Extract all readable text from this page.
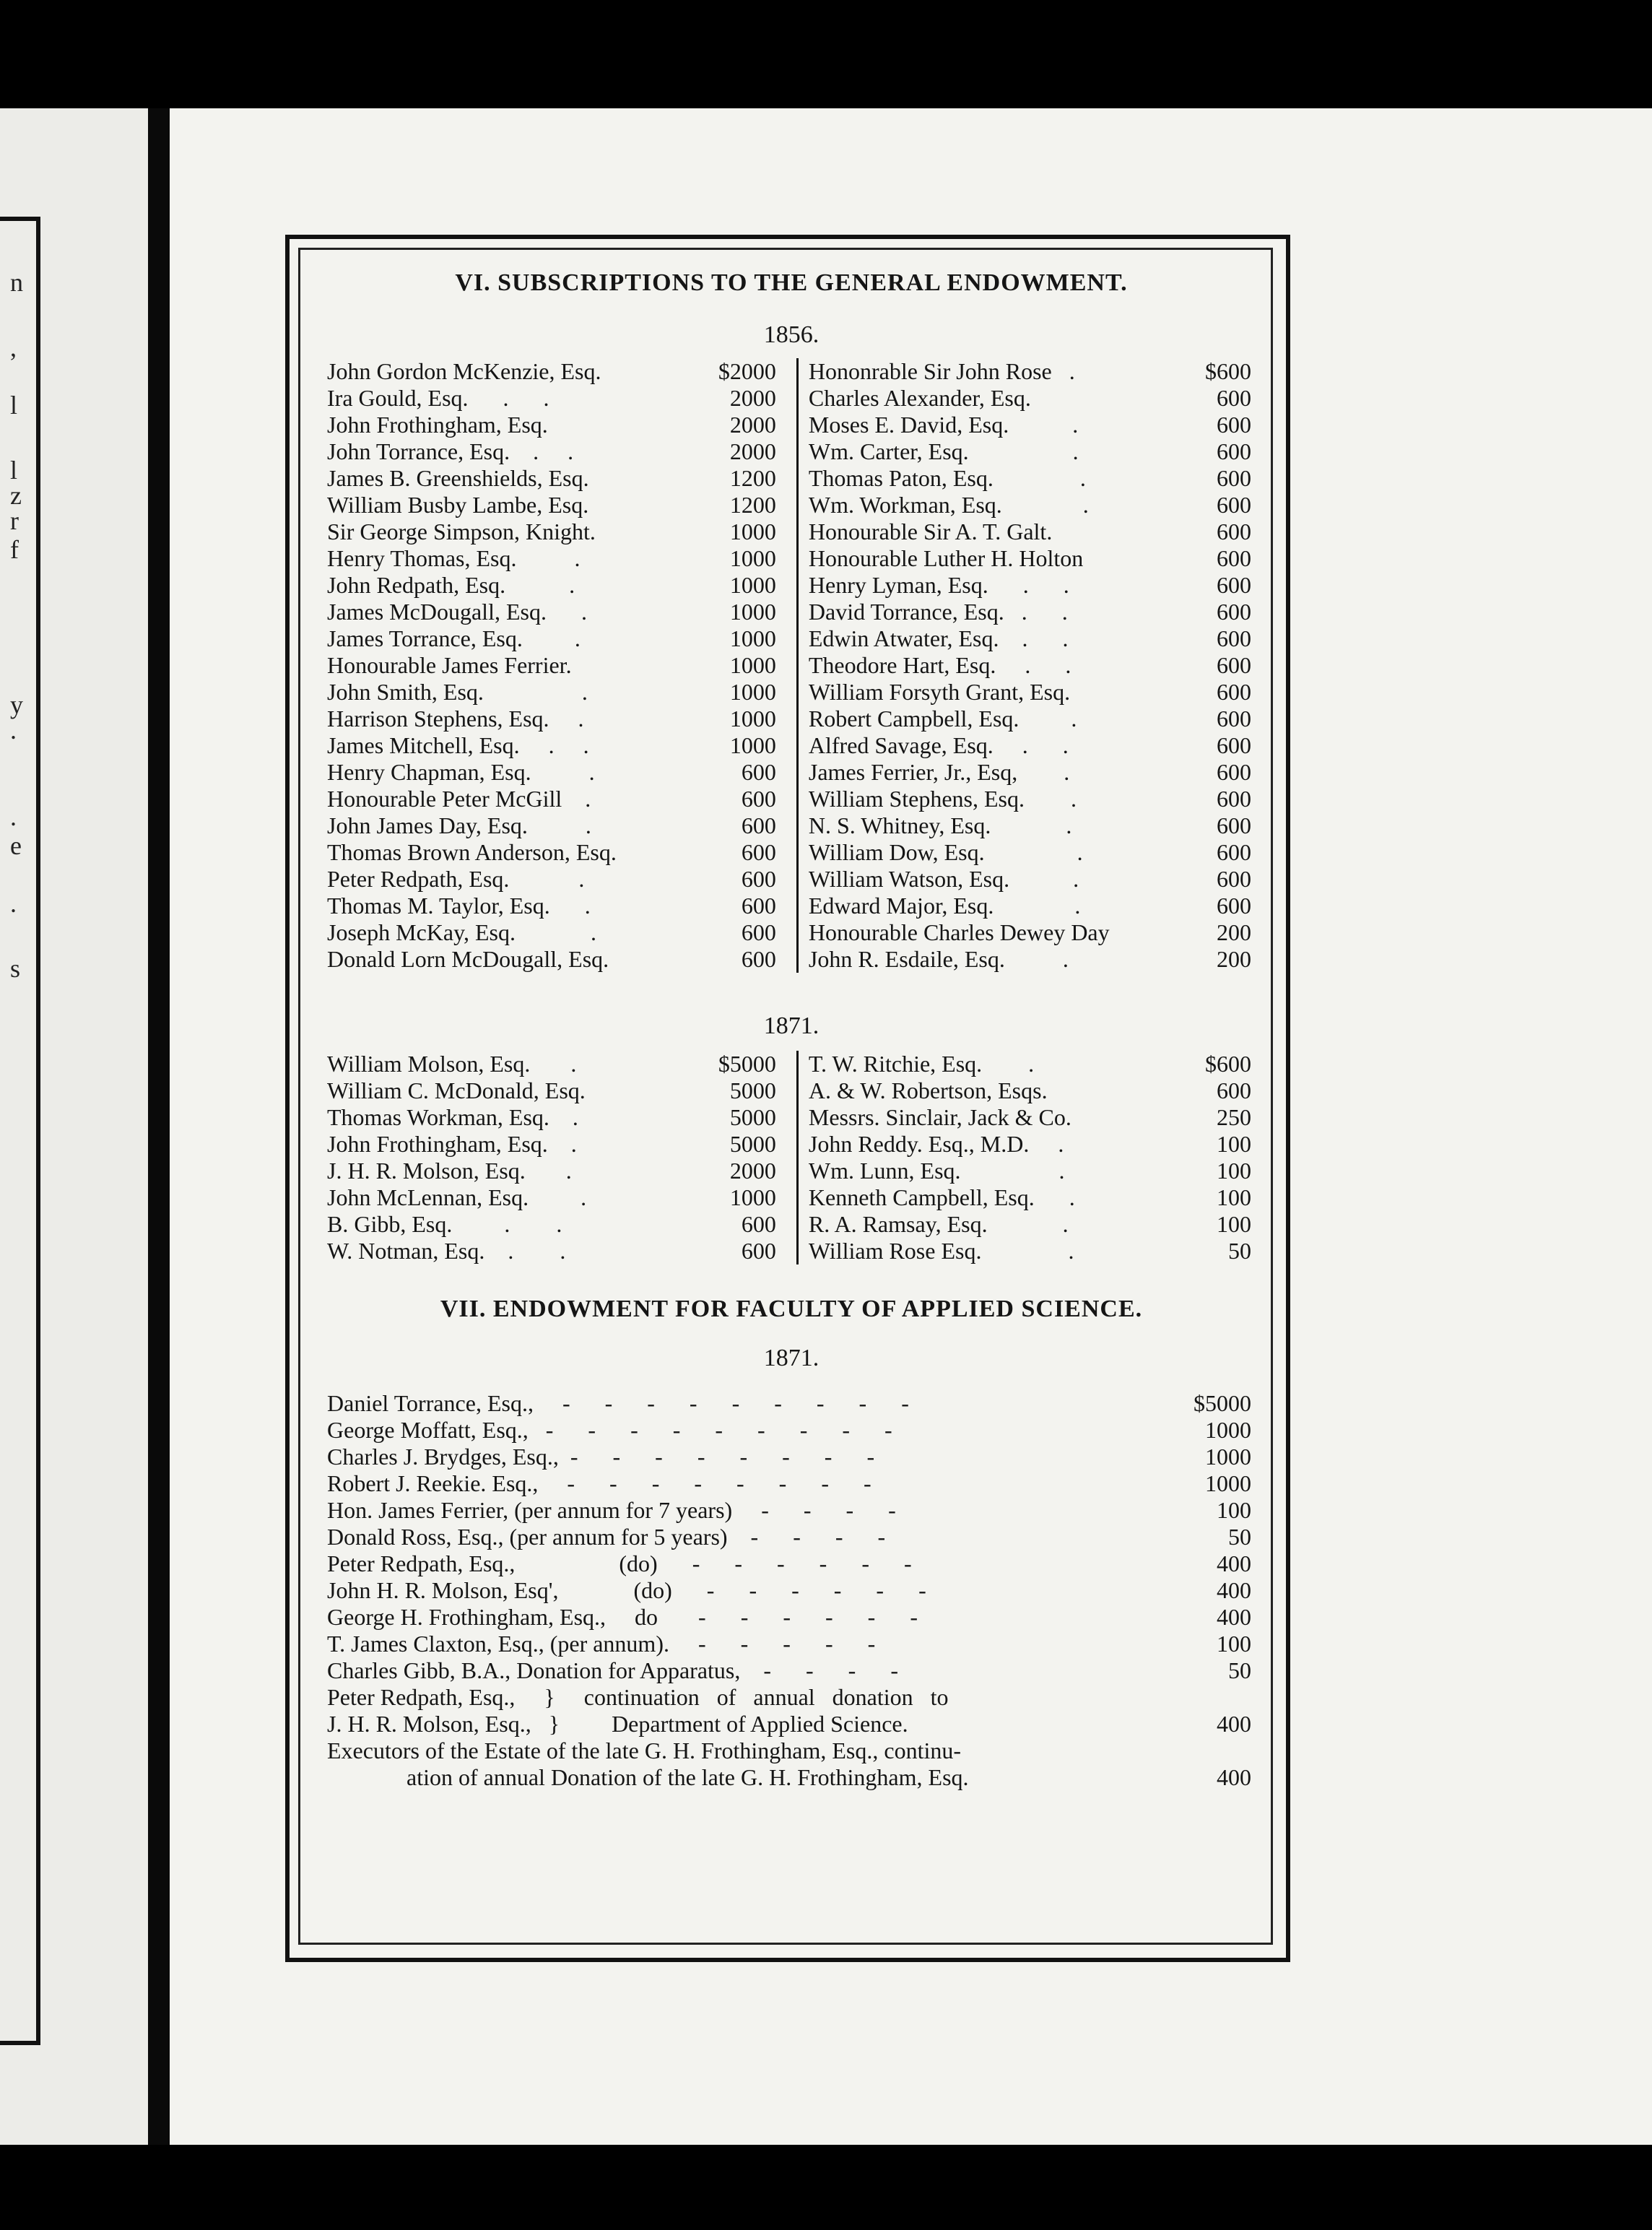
n
,
l
l
z
r
f
y
.
.
e
.
s

VI. SUBSCRIPTIONS TO THE GENERAL ENDOWMENT.

1856.

John Gordon McKenzie, Esq.	$2000
Ira Gould, Esq.      .      .	2000
John Frothingham, Esq.	2000
John Torrance, Esq.    .     .	2000
James B. Greenshields, Esq.	1200
William Busby Lambe, Esq.	1200
Sir George Simpson, Knight.	1000
Henry Thomas, Esq.          .	1000
John Redpath, Esq.           .	1000
James McDougall, Esq.      .	1000
James Torrance, Esq.         .	1000
Honourable James Ferrier.	1000
John Smith, Esq.                 .	1000
Harrison Stephens, Esq.     .	1000
James Mitchell, Esq.     .     .	1000
Henry Chapman, Esq.          .	600
Honourable Peter McGill    .	600
John James Day, Esq.          .	600
Thomas Brown Anderson, Esq.	600
Peter Redpath, Esq.            .	600
Thomas M. Taylor, Esq.      .	600
Joseph McKay, Esq.             .	600
Donald Lorn McDougall, Esq.	600
Hononrable Sir John Rose   .	$600
Charles Alexander, Esq.	600
Moses E. David, Esq.           .	600
Wm. Carter, Esq.                  .	600
Thomas Paton, Esq.               .	600
Wm. Workman, Esq.              .	600
Honourable Sir A. T. Galt.	600
Honourable Luther H. Holton	600
Henry Lyman, Esq.      .      .	600
David Torrance, Esq.   .      .	600
Edwin Atwater, Esq.    .      .	600
Theodore Hart, Esq.     .      .	600
William Forsyth Grant, Esq.	600
Robert Campbell, Esq.         .	600
Alfred Savage, Esq.     .      .	600
James Ferrier, Jr., Esq,        .	600
William Stephens, Esq.        .	600
N. S. Whitney, Esq.             .	600
William Dow, Esq.                .	600
William Watson, Esq.           .	600
Edward Major, Esq.              .	600
Honourable Charles Dewey Day	200
John R. Esdaile, Esq.          .	200

1871.

William Molson, Esq.       .	$5000
William C. McDonald, Esq.	5000
Thomas Workman, Esq.    .	5000
John Frothingham, Esq.    .	5000
J. H. R. Molson, Esq.       .	2000
John McLennan, Esq.         .	1000
B. Gibb, Esq.         .        .	600
W. Notman, Esq.    .        .	600
T. W. Ritchie, Esq.        .	$600
A. & W. Robertson, Esqs.	600
Messrs. Sinclair, Jack & Co.	250
John Reddy. Esq., M.D.     .	100
Wm. Lunn, Esq.                 .	100
Kenneth Campbell, Esq.      .	100
R. A. Ramsay, Esq.             .	100
William Rose Esq.               .	50

VII. ENDOWMENT FOR FACULTY OF APPLIED SCIENCE.

1871.

Daniel Torrance, Esq.,     -      -      -      -      -      -      -      -      -	$5000
George Moffatt, Esq.,   -      -      -      -      -      -      -      -      -	1000
Charles J. Brydges, Esq.,  -      -      -      -      -      -      -      -	1000
Robert J. Reekie. Esq.,     -      -      -      -      -      -      -      -	1000
Hon. James Ferrier, (per annum for 7 years)     -      -      -      -	100
Donald Ross, Esq., (per annum for 5 years)    -      -      -      -	50
Peter Redpath, Esq.,                  (do)      -      -      -      -      -      -	400
John H. R. Molson, Esq',             (do)      -      -      -      -      -      -	400
George H. Frothingham, Esq.,     do       -      -      -      -      -      -	400
T. James Claxton, Esq., (per annum).     -      -      -      -      -	100
Charles Gibb, B.A., Donation for Apparatus,    -      -      -      -	50
Peter Redpath, Esq.,     }     continuation   of   annual   donation   to
J. H. R. Molson, Esq.,   }         Department of Applied Science.	400
Executors of the Estate of the late G. H. Frothingham, Esq., continu-
ation of annual Donation of the late G. H. Frothingham, Esq.	400
